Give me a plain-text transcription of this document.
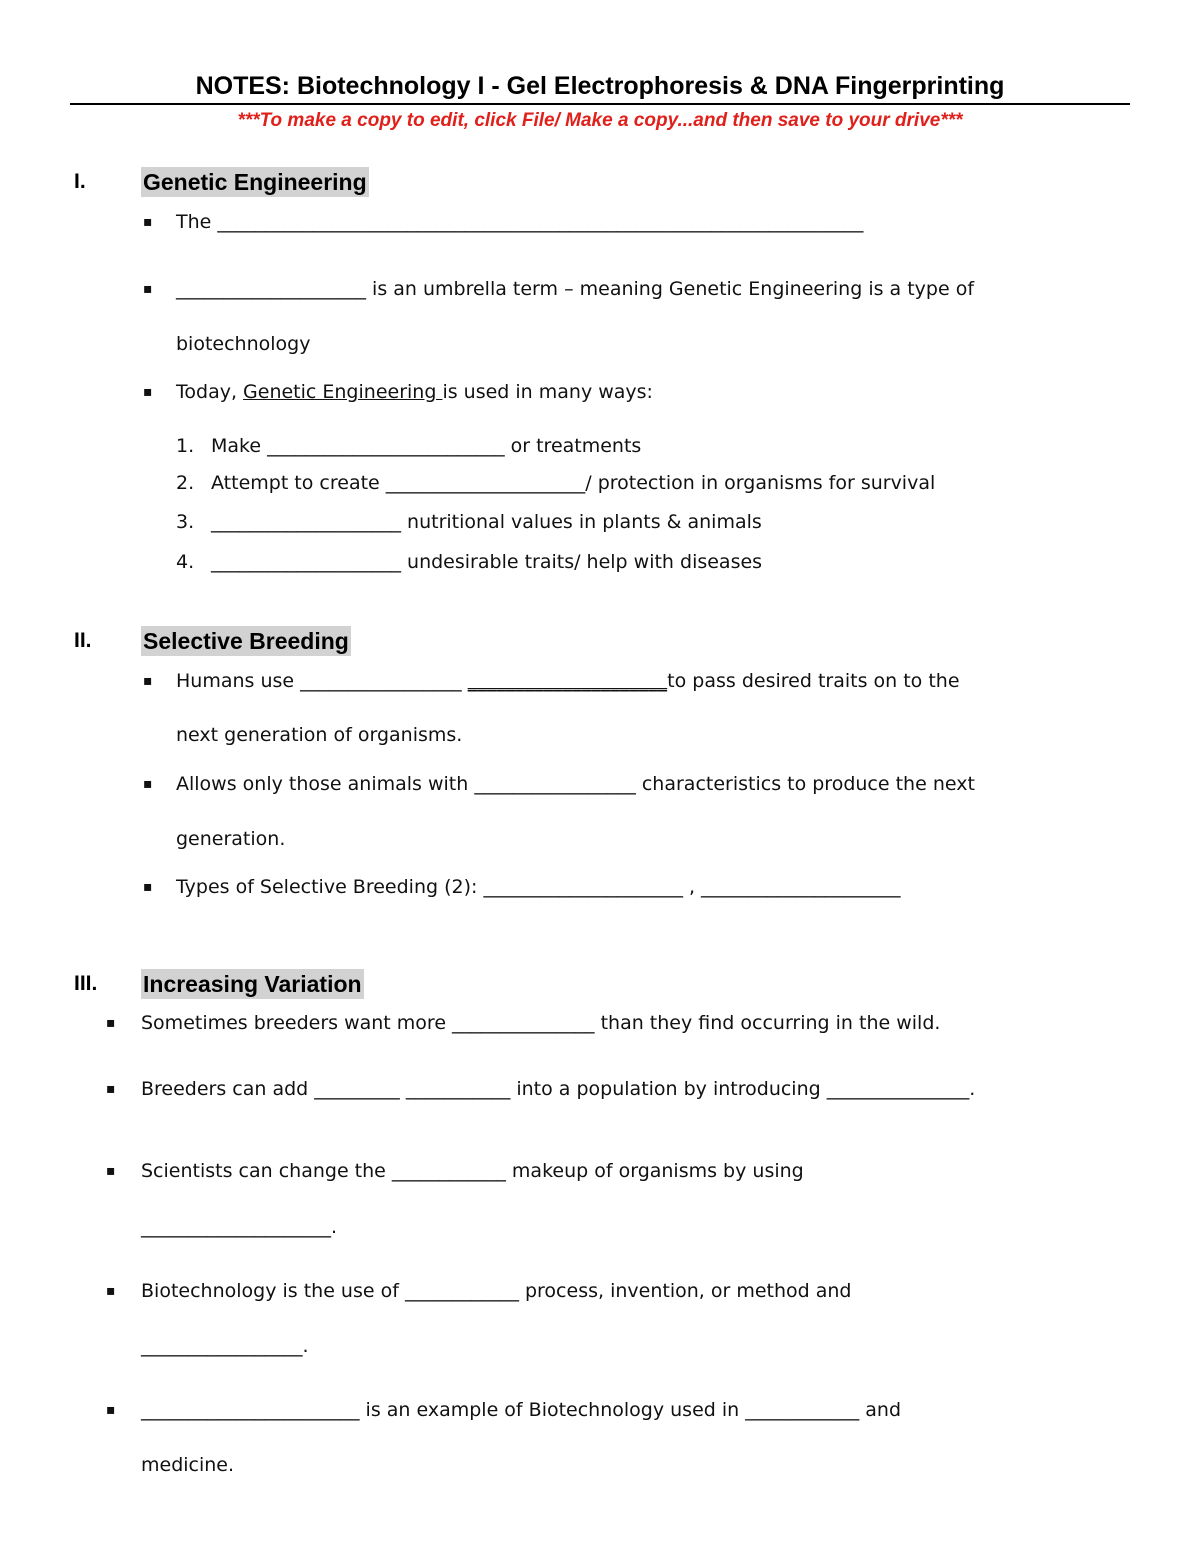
NOTES: Biotechnology I - Gel Electrophoresis & DNA Fingerprinting
***To make a copy to edit, click File/ Make a copy...and then save to your drive***
I. Genetic Engineering
▪ The ____________________________________________________________________
▪ ____________________ is an umbrella term – meaning Genetic Engineering is a type of
biotechnology
▪ Today, Genetic Engineering is used in many ways:
1. Make _________________________ or treatments
2. Attempt to create _____________________/ protection in organisms for survival
3. ____________________ nutritional values in plants & animals
4. ____________________ undesirable traits/ help with diseases
II. Selective Breeding
▪ Humans use _________________ _____________________to pass desired traits on to the
next generation of organisms.
▪ Allows only those animals with _________________ characteristics to produce the next
generation.
▪ Types of Selective Breeding (2): _____________________ , _____________________
III. Increasing Variation
▪ Sometimes breeders want more _______________ than they find occurring in the wild.
▪ Breeders can add _________ ___________ into a population by introducing _______________.
▪ Scientists can change the ____________ makeup of organisms by using
____________________.
▪ Biotechnology is the use of ____________ process, invention, or method and
_________________.
▪ _______________________ is an example of Biotechnology used in ____________ and
medicine.
